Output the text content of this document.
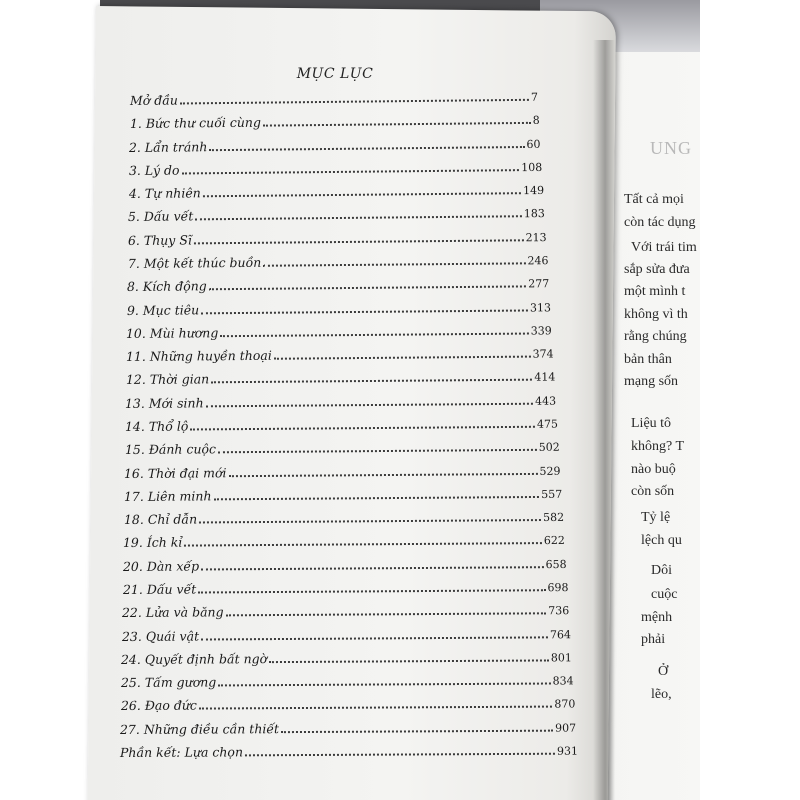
UNG
Tất cả mọi
còn tác dụng
Với trái tim
sắp sửa đưa
một mình t
không vì th
rằng chúng
bản thân
mạng sốn
Liệu tô
không? T
nào buộ
còn sốn
Tỷ lệ
lệch qu
Dôi
cuộc
mệnh
phải
Ở
lẽo,
MỤC LỤC
Mở đầu	7
1. Bức thư cuối cùng	8
2. Lẩn tránh	60
3. Lý do	108
4. Tự nhiên	149
5. Dấu vết	183
6. Thụy Sĩ	213
7. Một kết thúc buồn	246
8. Kích động	277
9. Mục tiêu	313
10. Mùi hương	339
11. Những huyền thoại	374
12. Thời gian	414
13. Mới sinh	443
14. Thổ lộ	475
15. Đánh cuộc	502
16. Thời đại mới	529
17. Liên minh	557
18. Chỉ dẫn	582
19. Ích kỉ	622
20. Dàn xếp	658
21. Dấu vết	698
22. Lửa và băng	736
23. Quái vật	764
24. Quyết định bất ngờ	801
25. Tấm gương	834
26. Đạo đức	870
27. Những điều cần thiết	907
Phần kết: Lựa chọn	931
